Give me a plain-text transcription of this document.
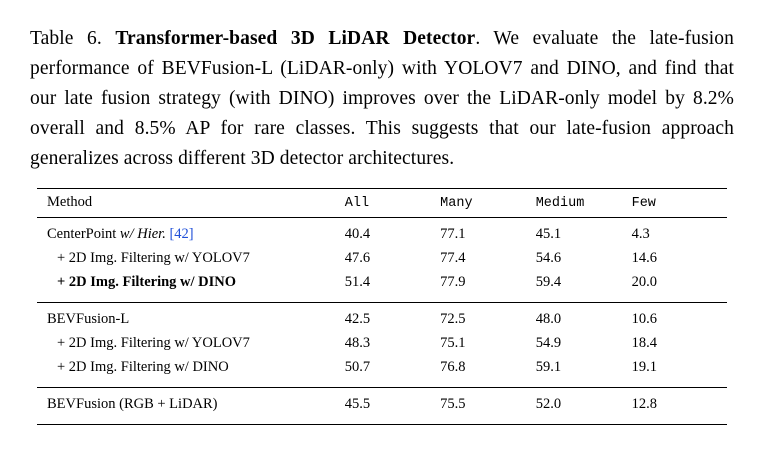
Table 6. Transformer-based 3D LiDAR Detector. We evaluate the late-fusion performance of BEVFusion-L (LiDAR-only) with YOLOV7 and DINO, and find that our late fusion strategy (with DINO) improves over the LiDAR-only model by 8.2% overall and 8.5% AP for rare classes. This suggests that our late-fusion approach generalizes across different 3D detector architectures.

Method	All	Many	Medium	Few

CenterPoint w/ Hier. [42]	40.4	77.1	45.1	4.3
+ 2D Img. Filtering w/ YOLOV7	47.6	77.4	54.6	14.6
+ 2D Img. Filtering w/ DINO	51.4	77.9	59.4	20.0

BEVFusion-L	42.5	72.5	48.0	10.6
+ 2D Img. Filtering w/ YOLOV7	48.3	75.1	54.9	18.4
+ 2D Img. Filtering w/ DINO	50.7	76.8	59.1	19.1

BEVFusion (RGB + LiDAR)	45.5	75.5	52.0	12.8
